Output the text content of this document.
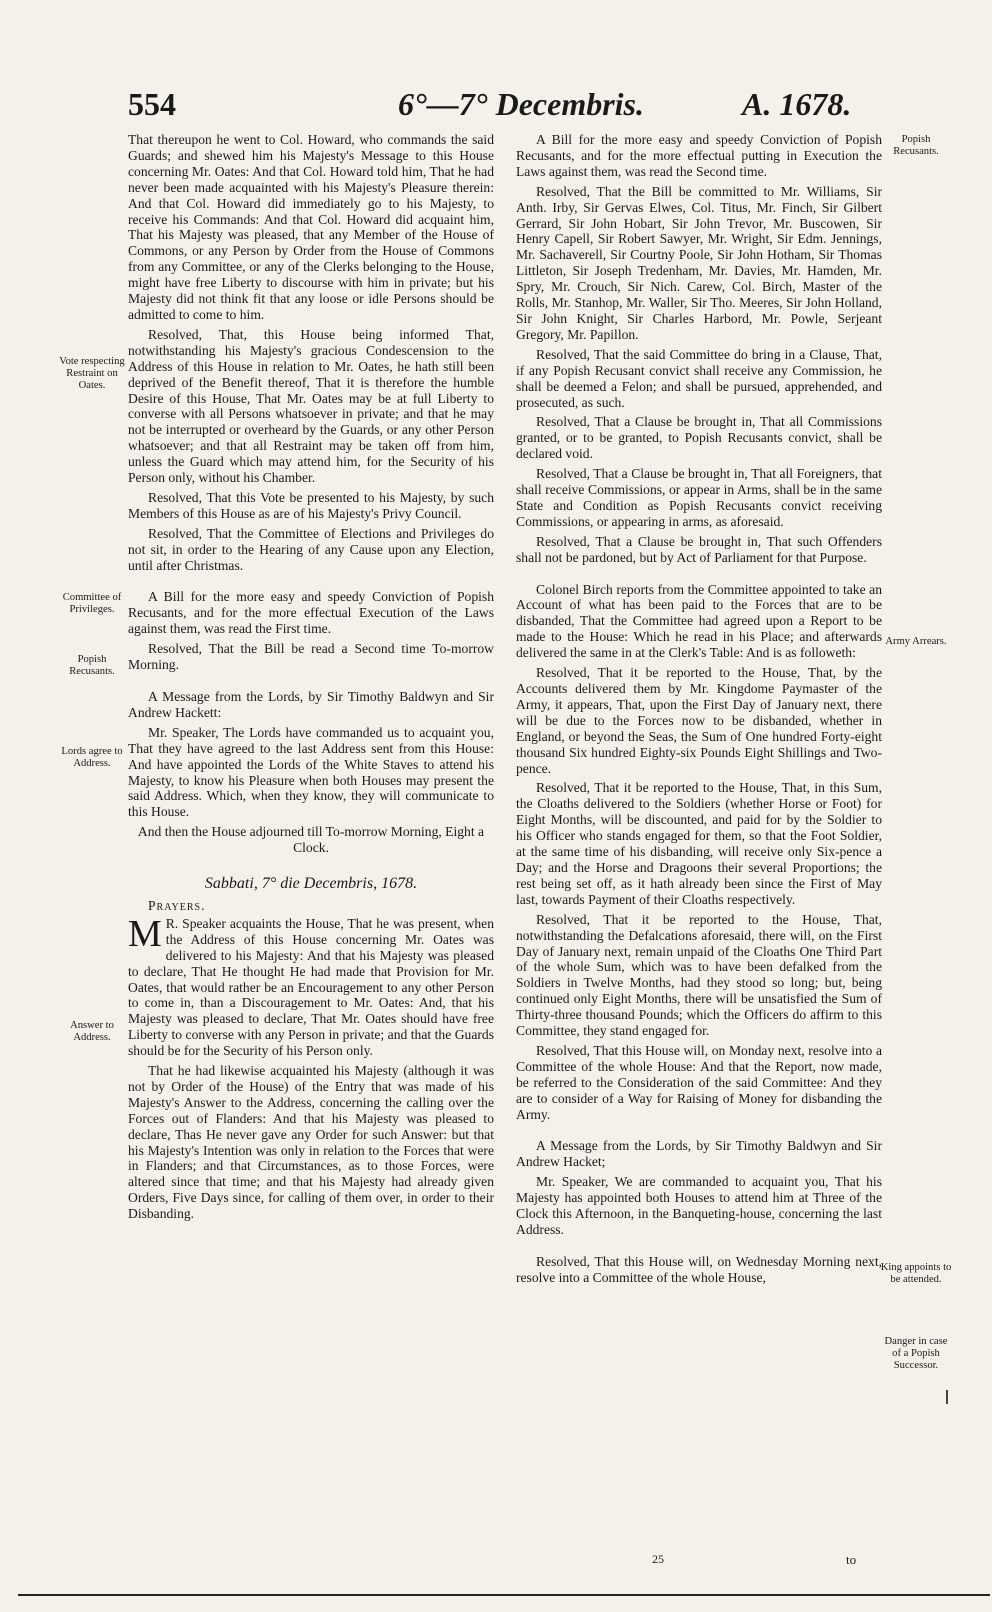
554	6°—7° Decembris.	A. 1678.
Vote respecting Restraint on Oates.
Committee of Privileges.
Popish Recusants.
Lords agree to Address.
Answer to Address.
Popish Recusants.
Army Arrears.
King appoints to be attended.
Danger in case of a Popish Successor.

That thereupon he went to Col. Howard, who commands the said Guards; and shewed him his Majesty's Message to this House concerning Mr. Oates: And that Col. Howard told him, That he had never been made acquainted with his Majesty's Pleasure therein: And that Col. Howard did immediately go to his Majesty, to receive his Commands: And that Col. Howard did acquaint him, That his Majesty was pleased, that any Member of the House of Commons, or any Person by Order from the House of Commons from any Committee, or any of the Clerks belonging to the House, might have free Liberty to discourse with him in private; but his Majesty did not think fit that any loose or idle Persons should be admitted to come to him.

Resolved, That, this House being informed That, notwithstanding his Majesty's gracious Condescension to the Address of this House in relation to Mr. Oates, he hath still been deprived of the Benefit thereof, That it is therefore the humble Desire of this House, That Mr. Oates may be at full Liberty to converse with all Persons whatsoever in private; and that he may not be interrupted or overheard by the Guards, or any other Person whatsoever; and that all Restraint may be taken off from him, unless the Guard which may attend him, for the Security of his Person only, without his Chamber.

Resolved, That this Vote be presented to his Majesty, by such Members of this House as are of his Majesty's Privy Council.

Resolved, That the Committee of Elections and Privileges do not sit, in order to the Hearing of any Cause upon any Election, until after Christmas.

A Bill for the more easy and speedy Conviction of Popish Recusants, and for the more effectual Execution of the Laws against them, was read the First time.

Resolved, That the Bill be read a Second time To-morrow Morning.

A Message from the Lords, by Sir Timothy Baldwyn and Sir Andrew Hackett:

Mr. Speaker, The Lords have commanded us to acquaint you, That they have agreed to the last Address sent from this House: And have appointed the Lords of the White Staves to attend his Majesty, to know his Pleasure when both Houses may present the said Address. Which, when they know, they will communicate to this House.

And then the House adjourned till To-morrow Morning, Eight a Clock.

Sabbati, 7° die Decembris, 1678.

Prayers.

M R. Speaker acquaints the House, That he was present, when the Address of this House concerning Mr. Oates was delivered to his Majesty: And that his Majesty was pleased to declare, That He thought He had made that Provision for Mr. Oates, that would rather be an Encouragement to any other Person to come in, than a Discouragement to Mr. Oates: And, that his Majesty was pleased to declare, That Mr. Oates should have free Liberty to converse with any Person in private; and that the Guards should be for the Security of his Person only.

That he had likewise acquainted his Majesty (although it was not by Order of the House) of the Entry that was made of his Majesty's Answer to the Address, concerning the calling over the Forces out of Flanders: And that his Majesty was pleased to declare, Thas He never gave any Order for such Answer: but that his Majesty's Intention was only in relation to the Forces that were in Flanders; and that Circumstances, as to those Forces, were altered since that time; and that his Majesty had already given Orders, Five Days since, for calling of them over, in order to their Disbanding.

A Bill for the more easy and speedy Conviction of Popish Recusants, and for the more effectual putting in Execution the Laws against them, was read the Second time.

Resolved, That the Bill be committed to Mr. Williams, Sir Anth. Irby, Sir Gervas Elwes, Col. Titus, Mr. Finch, Sir Gilbert Gerrard, Sir John Hobart, Sir John Trevor, Mr. Buscowen, Sir Henry Capell, Sir Robert Sawyer, Mr. Wright, Sir Edm. Jennings, Mr. Sachaverell, Sir Courtny Poole, Sir John Hotham, Sir Thomas Littleton, Sir Joseph Tredenham, Mr. Davies, Mr. Hamden, Mr. Spry, Mr. Crouch, Sir Nich. Carew, Col. Birch, Master of the Rolls, Mr. Stanhop, Mr. Waller, Sir Tho. Meeres, Sir John Holland, Sir John Knight, Sir Charles Harbord, Mr. Powle, Serjeant Gregory, Mr. Papillon.

Resolved, That the said Committee do bring in a Clause, That, if any Popish Recusant convict shall receive any Commission, he shall be deemed a Felon; and shall be pursued, apprehended, and prosecuted, as such.

Resolved, That a Clause be brought in, That all Commissions granted, or to be granted, to Popish Recusants convict, shall be declared void.

Resolved, That a Clause be brought in, That all Foreigners, that shall receive Commissions, or appear in Arms, shall be in the same State and Condition as Popish Recusants convict receiving Commissions, or appearing in arms, as aforesaid.

Resolved, That a Clause be brought in, That such Offenders shall not be pardoned, but by Act of Parliament for that Purpose.

Colonel Birch reports from the Committee appointed to take an Account of what has been paid to the Forces that are to be disbanded, That the Committee had agreed upon a Report to be made to the House: Which he read in his Place; and afterwards delivered the same in at the Clerk's Table: And is as followeth:

Resolved, That it be reported to the House, That, by the Accounts delivered them by Mr. Kingdome Paymaster of the Army, it appears, That, upon the First Day of January next, there will be due to the Forces now to be disbanded, whether in England, or beyond the Seas, the Sum of One hundred Forty-eight thousand Six hundred Eighty-six Pounds Eight Shillings and Two-pence.

Resolved, That it be reported to the House, That, in this Sum, the Cloaths delivered to the Soldiers (whether Horse or Foot) for Eight Months, will be discounted, and paid for by the Soldier to his Officer who stands engaged for them, so that the Foot Soldier, at the same time of his disbanding, will receive only Six-pence a Day; and the Horse and Dragoons their several Proportions; the rest being set off, as it hath already been since the First of May last, towards Payment of their Cloaths respectively.

Resolved, That it be reported to the House, That, notwithstanding the Defalcations aforesaid, there will, on the First Day of January next, remain unpaid of the Cloaths One Third Part of the whole Sum, which was to have been defalked from the Soldiers in Twelve Months, had they stood so long; but, being continued only Eight Months, there will be unsatisfied the Sum of Thirty-three thousand Pounds; which the Officers do affirm to this Committee, they stand engaged for.

Resolved, That this House will, on Monday next, resolve into a Committee of the whole House: And that the Report, now made, be referred to the Consideration of the said Committee: And they are to consider of a Way for Raising of Money for disbanding the Army.

A Message from the Lords, by Sir Timothy Baldwyn and Sir Andrew Hacket;

Mr. Speaker, We are commanded to acquaint you, That his Majesty has appointed both Houses to attend him at Three of the Clock this Afternoon, in the Banqueting-house, concerning the last Address.

Resolved, That this House will, on Wednesday Morning next, resolve into a Committee of the whole House,

25	to
